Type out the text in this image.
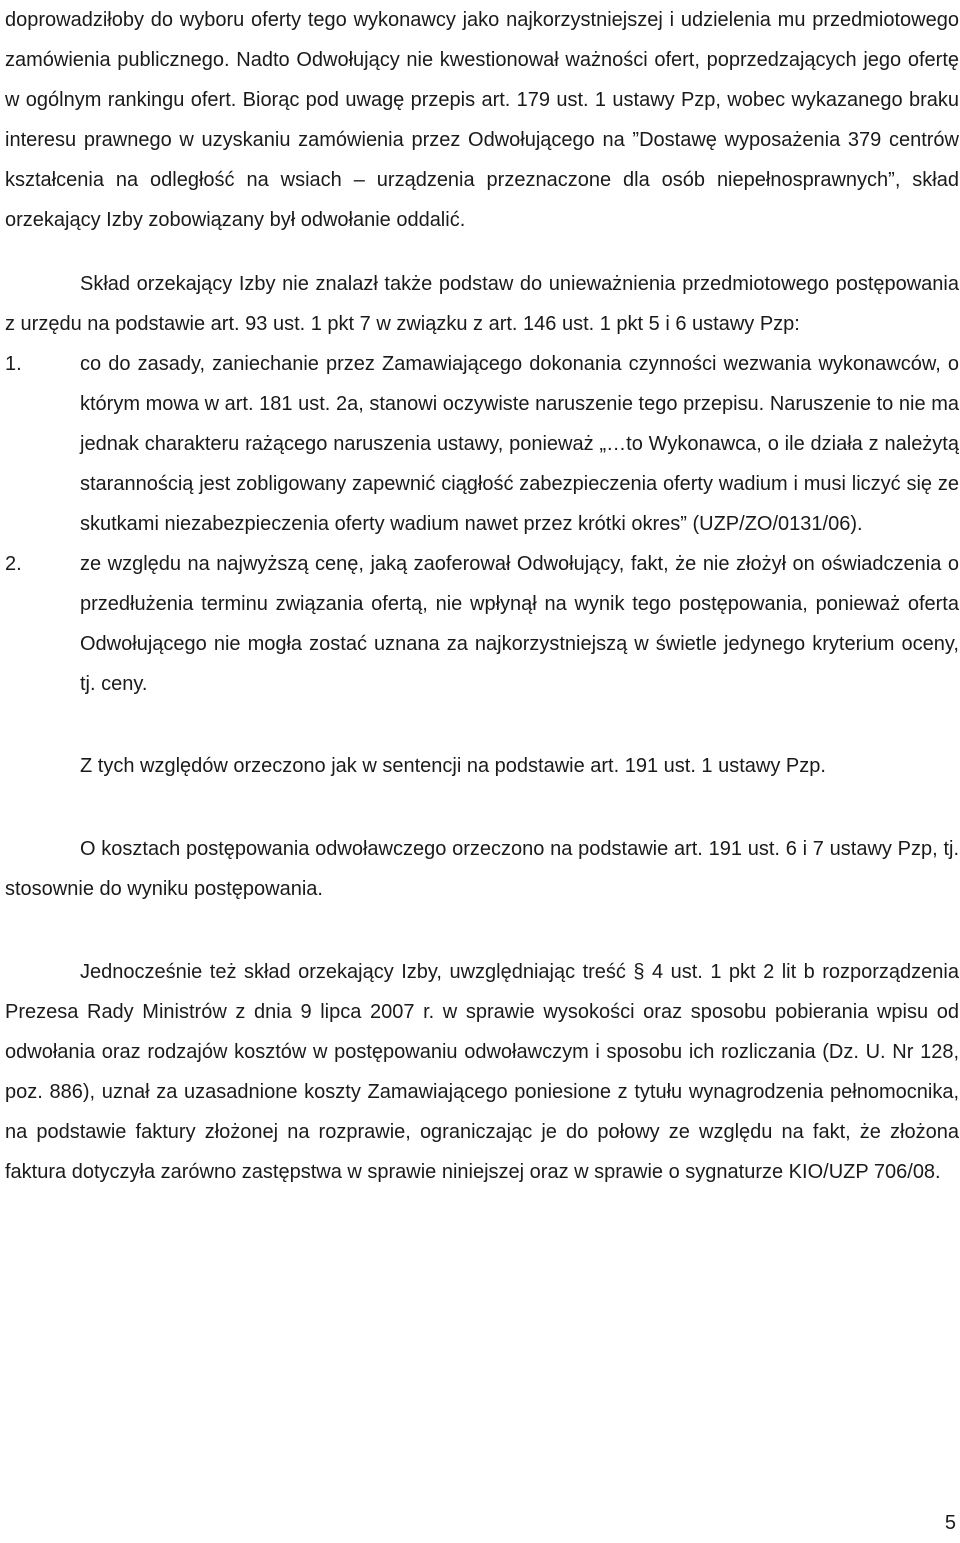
doprowadziłoby do wyboru oferty tego wykonawcy jako najkorzystniejszej i udzielenia mu przedmiotowego zamówienia publicznego. Nadto Odwołujący nie kwestionował ważności ofert, poprzedzających jego ofertę w ogólnym rankingu ofert. Biorąc pod uwagę przepis art. 179 ust. 1 ustawy Pzp, wobec wykazanego braku interesu prawnego w uzyskaniu zamówienia przez Odwołującego na ”Dostawę wyposażenia 379 centrów kształcenia na odległość na wsiach – urządzenia przeznaczone dla osób niepełnosprawnych”, skład orzekający Izby zobowiązany był odwołanie oddalić.

Skład orzekający Izby nie znalazł także podstaw do unieważnienia przedmiotowego postępowania z urzędu na podstawie art. 93 ust. 1 pkt 7 w związku z art. 146 ust. 1 pkt 5 i 6 ustawy Pzp:

1.	co do zasady, zaniechanie przez Zamawiającego dokonania czynności wezwania wykonawców, o którym mowa w art. 181 ust. 2a, stanowi oczywiste naruszenie tego przepisu. Naruszenie to nie ma jednak charakteru rażącego naruszenia ustawy, ponieważ „…to Wykonawca, o ile działa z należytą starannością jest zobligowany zapewnić ciągłość zabezpieczenia oferty wadium i musi liczyć się ze skutkami niezabezpieczenia oferty wadium nawet przez krótki okres” (UZP/ZO/0131/06).
2.	ze względu na najwyższą cenę, jaką zaoferował Odwołujący, fakt, że nie złożył on oświadczenia o przedłużenia terminu związania ofertą, nie wpłynął na wynik tego postępowania, ponieważ oferta Odwołującego nie mogła zostać uznana za najkorzystniejszą w świetle jedynego kryterium oceny, tj. ceny.

Z tych względów orzeczono jak w sentencji na podstawie art. 191 ust. 1 ustawy Pzp.

O kosztach postępowania odwoławczego orzeczono na podstawie art. 191 ust. 6 i 7 ustawy Pzp, tj. stosownie do wyniku postępowania.

Jednocześnie też skład orzekający Izby, uwzględniając treść § 4 ust. 1 pkt 2 lit b rozporządzenia Prezesa Rady Ministrów z dnia 9 lipca 2007 r. w sprawie wysokości oraz sposobu pobierania wpisu od odwołania oraz rodzajów kosztów w postępowaniu odwoławczym i sposobu ich rozliczania (Dz. U. Nr 128, poz. 886), uznał za uzasadnione koszty Zamawiającego poniesione z tytułu wynagrodzenia pełnomocnika, na podstawie faktury złożonej na rozprawie, ograniczając je do połowy ze względu na fakt, że złożona faktura dotyczyła zarówno zastępstwa w sprawie niniejszej oraz w sprawie o sygnaturze KIO/UZP 706/08.

5
